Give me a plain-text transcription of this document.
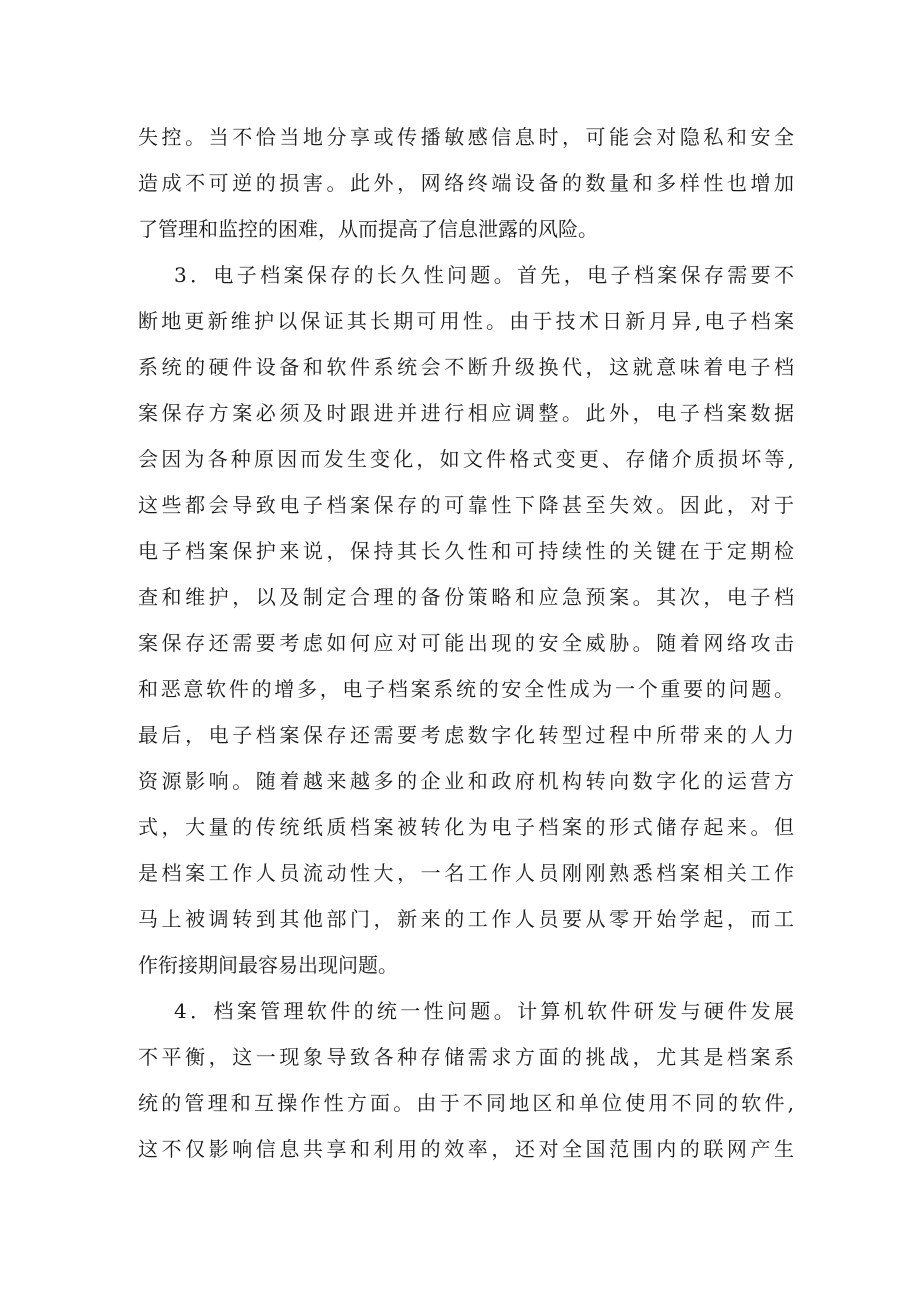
失控。当不恰当地分享或传播敏感信息时，可能会对隐私和安全
造成不可逆的损害。此外，网络终端设备的数量和多样性也增加
了管理和监控的困难，从而提高了信息泄露的风险。
3．电子档案保存的长久性问题。首先，电子档案保存需要不
断地更新维护以保证其长期可用性。由于技术日新月异,电子档案
系统的硬件设备和软件系统会不断升级换代，这就意味着电子档
案保存方案必须及时跟进并进行相应调整。此外，电子档案数据
会因为各种原因而发生变化，如文件格式变更、存储介质损坏等,
这些都会导致电子档案保存的可靠性下降甚至失效。因此，对于
电子档案保护来说，保持其长久性和可持续性的关键在于定期检
查和维护，以及制定合理的备份策略和应急预案。其次，电子档
案保存还需要考虑如何应对可能出现的安全威胁。随着网络攻击
和恶意软件的增多，电子档案系统的安全性成为一个重要的问题。
最后，电子档案保存还需要考虑数字化转型过程中所带来的人力
资源影响。随着越来越多的企业和政府机构转向数字化的运营方
式，大量的传统纸质档案被转化为电子档案的形式储存起来。但
是档案工作人员流动性大，一名工作人员刚刚熟悉档案相关工作
马上被调转到其他部门，新来的工作人员要从零开始学起，而工
作衔接期间最容易出现问题。
4．档案管理软件的统一性问题。计算机软件研发与硬件发展
不平衡，这一现象导致各种存储需求方面的挑战，尤其是档案系
统的管理和互操作性方面。由于不同地区和单位使用不同的软件,
这不仅影响信息共享和利用的效率，还对全国范围内的联网产生
